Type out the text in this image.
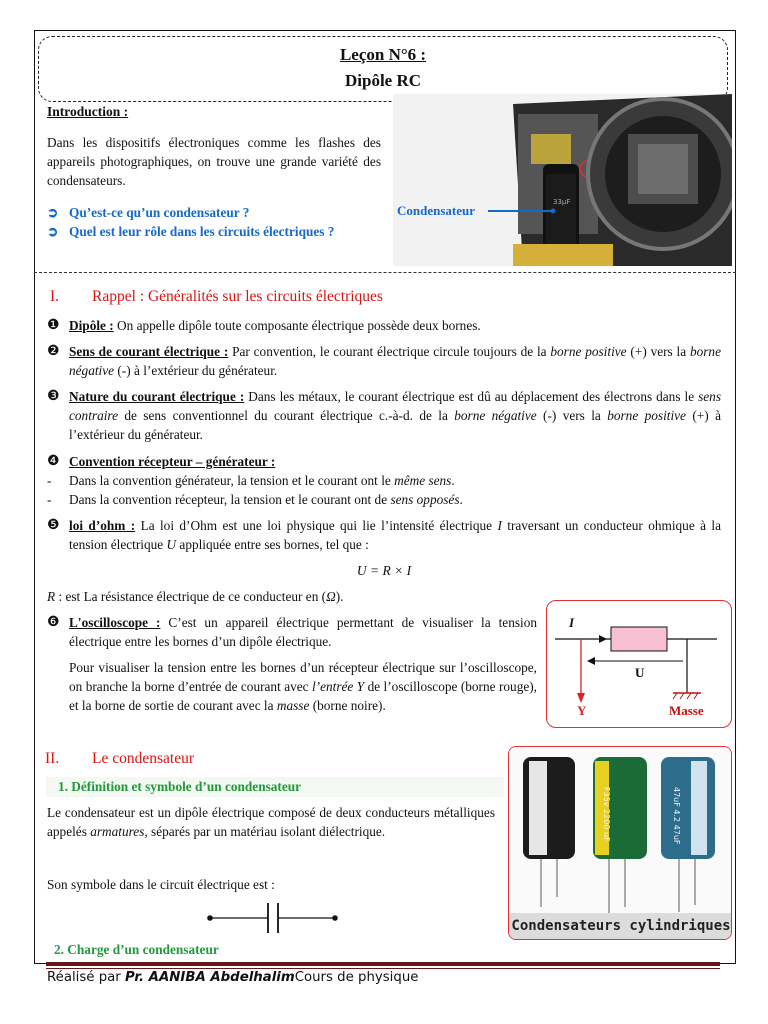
Leçon N°6 :
Dipôle RC
Introduction :
Dans les dispositifs électroniques comme les flashes des appareils photographiques, on trouve une grande variété des condensateurs.
➲ Qu’est-ce qu’un condensateur ?
➲ Quel est leur rôle dans les circuits électriques ?
33μF
Condensateur
I. Rappel : Généralités sur les circuits électriques
❶ Dipôle : On appelle dipôle toute composante électrique possède deux bornes.
❷ Sens de courant électrique : Par convention, le courant électrique circule toujours de la borne positive (+) vers la borne négative (-) à l’extérieur du générateur.
❸ Nature du courant électrique : Dans les métaux, le courant électrique est dû au déplacement des électrons dans le sens contraire de sens conventionnel du courant électrique c.-à-d. de la borne négative (-) vers la borne positive (+) à l’extérieur du générateur.
❹ Convention récepteur – générateur :
- Dans la convention générateur, la tension et le courant ont le même sens.
- Dans la convention récepteur, la tension et le courant ont de sens opposés.
❺ loi d’ohm : La loi d’Ohm est une loi physique qui lie l’intensité électrique I traversant un conducteur ohmique à la tension électrique U appliquée entre ses bornes, tel que :
U = R × I
R : est La résistance électrique de ce conducteur en (Ω).
❻ L'oscilloscope : C’est un appareil électrique permettant de visualiser la tension électrique entre les bornes d’un dipôle électrique.
Pour visualiser la tension entre les bornes d’un récepteur électrique sur l’oscilloscope, on branche la borne d’entrée de courant avec l’entrée Y de l’oscilloscope (borne rouge), et la borne de sortie de courant avec la masse (borne noire).
I
U
Y	Masse
II. Le condensateur
1. Définition et symbole d’un condensateur
Le condensateur est un dipôle électrique composé de deux conducteurs métalliques appelés armatures, séparés par un matériau isolant diélectrique.
Son symbole dans le circuit électrique est :
2. Charge d’un condensateur
F35v 2200 uF	47uF 4.2 47uF
Condensateurs cylindriques
Réalisé par Pr. AANIBA AbdelhalimCours de physique
